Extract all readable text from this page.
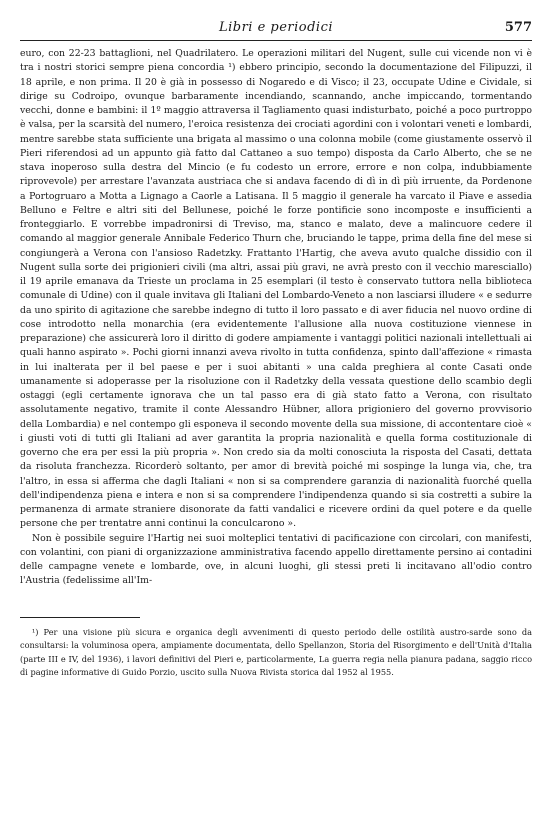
Libri e periodici	577

euro, con 22-23 battaglioni, nel Quadrilatero. Le operazioni militari del Nugent, sulle cui vicende non vi è tra i nostri storici sempre piena concordia ¹) ebbero principio, secondo la documentazione del Filipuzzi, il 18 aprile, e non prima. Il 20 è già in possesso di Nogaredo e di Visco; il 23, occupate Udine e Cividale, si dirige su Codroipo, ovunque barbaramente incendiando, scannando, anche impiccando, tormentando vecchi, donne e bambini: il 1º maggio attraversa il Tagliamento quasi indisturbato, poiché a poco purtroppo è valsa, per la scarsità del numero, l'eroica resistenza dei crociati agordini con i volontari veneti e lombardi, mentre sarebbe stata sufficiente una brigata al massimo o una colonna mobile (come giustamente osservò il Pieri riferendosi ad un appunto già fatto dal Cattaneo a suo tempo) disposta da Carlo Alberto, che se ne stava inoperoso sulla destra del Mincio (e fu codesto un errore, errore e non colpa, indubbiamente riprovevole) per arrestare l'avanzata austriaca che si andava facendo di dì in dì più irruente, da Pordenone a Portogruaro a Motta a Lignago a Caorle a Latisana. Il 5 maggio il generale ha varcato il Piave e assedia Belluno e Feltre e altri siti del Bellunese, poiché le forze pontificie sono incomposte e insufficienti a fronteggiarlo. E vorrebbe impadronirsi di Treviso, ma, stanco e malato, deve a malincuore cedere il comando al maggior generale Annibale Federico Thurn che, bruciando le tappe, prima della fine del mese si congiungerà a Verona con l'ansioso Radetzky. Frattanto l'Hartig, che aveva avuto qualche dissidio con il Nugent sulla sorte dei prigionieri civili (ma altri, assai più gravi, ne avrà presto con il vecchio maresciallo) il 19 aprile emanava da Trieste un proclama in 25 esemplari (il testo è conservato tuttora nella biblioteca comunale di Udine) con il quale invitava gli Italiani del Lombardo-Veneto a non lasciarsi illudere « e sedurre da uno spirito di agitazione che sarebbe indegno di tutto il loro passato e di aver fiducia nel nuovo ordine di cose introdotto nella monarchia (era evidentemente l'allusione alla nuova costituzione viennese in preparazione) che assicurerà loro il diritto di godere ampiamente i vantaggi politici nazionali intellettuali ai quali hanno aspirato ». Pochi giorni innanzi aveva rivolto in tutta confidenza, spinto dall'affezione « rimasta in lui inalterata per il bel paese e per i suoi abitanti » una calda preghiera al conte Casati onde umanamente si adoperasse per la risoluzione con il Radetzky della vessata questione dello scambio degli ostaggi (egli certamente ignorava che un tal passo era di già stato fatto a Verona, con risultato assolutamente negativo, tramite il conte Alessandro Hübner, allora prigioniero del governo provvisorio della Lombardia) e nel contempo gli esponeva il secondo movente della sua missione, di accontentare cioè « i giusti voti di tutti gli Italiani ad aver garantita la propria nazionalità e quella forma costituzionale di governo che era per essi la più propria ». Non credo sia da molti conosciuta la risposta del Casati, dettata da risoluta franchezza. Ricorderò soltanto, per amor di brevità poiché mi sospinge la lunga via, che, tra l'altro, in essa si afferma che dagli Italiani « non si sa comprendere garanzia di nazionalità fuorché quella dell'indipendenza piena e intera e non si sa comprendere l'indipendenza quando si sia costretti a subire la permanenza di armate straniere disonorate da fatti vandalici e ricevere ordini da quel potere e da quelle persone che per trentatre anni continui la conculcarono ».

Non è possibile seguire l'Hartig nei suoi molteplici tentativi di pacificazione con circolari, con manifesti, con volantini, con piani di organizzazione amministrativa facendo appello direttamente persino ai contadini delle campagne venete e lombarde, ove, in alcuni luoghi, gli stessi preti li incitavano all'odio contro l'Austria (fedelissime all'Im-

¹) Per una visione più sicura e organica degli avvenimenti di questo periodo delle ostilità austro-sarde sono da consultarsi: la voluminosa opera, ampiamente documentata, dello Spellanzon, Storia del Risorgimento e dell'Unità d'Italia (parte III e IV, del 1936), i lavori definitivi del Pieri e, particolarmente, La guerra regia nella pianura padana, saggio ricco di pagine informative di Guido Porzio, uscito sulla Nuova Rivista storica dal 1952 al 1955.
